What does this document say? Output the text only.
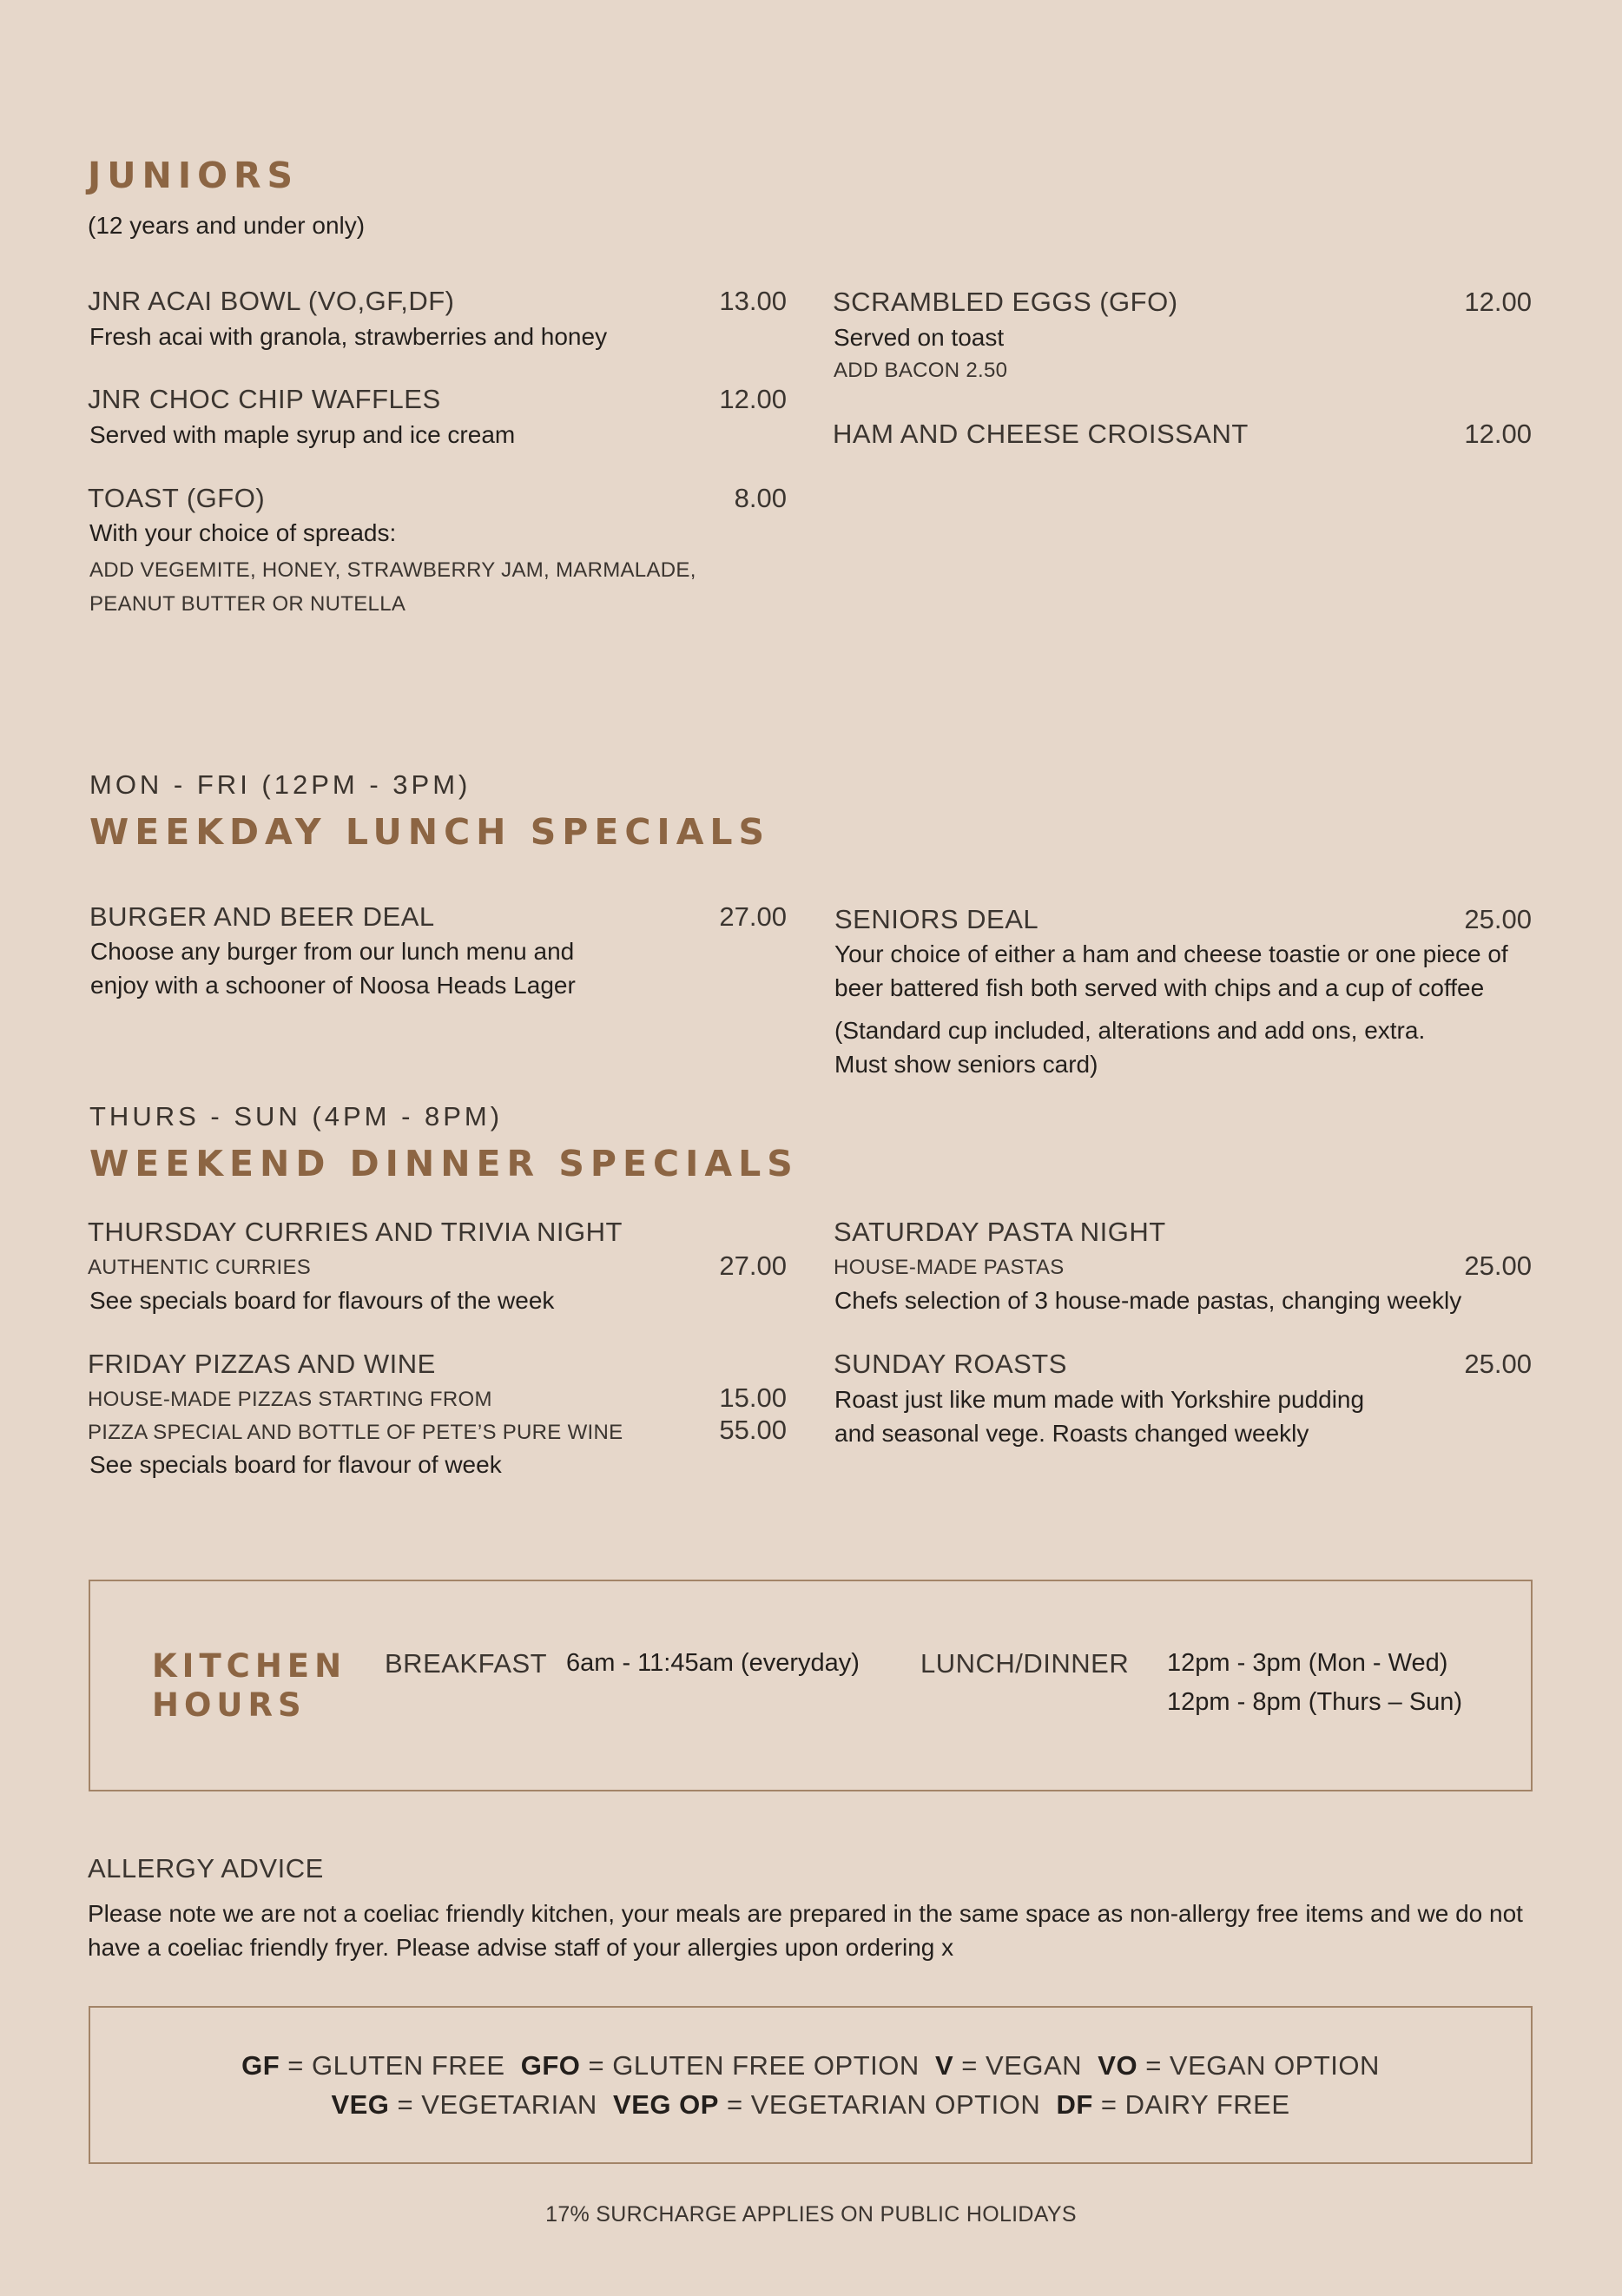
JUNIORS
(12 years and under only)
JNR ACAI BOWL (VO,GF,DF)	13.00
Fresh acai with granola, strawberries and honey
JNR CHOC CHIP WAFFLES	12.00
Served with maple syrup and ice cream
TOAST (GFO)	8.00
With your choice of spreads:
ADD VEGEMITE, HONEY, STRAWBERRY JAM, MARMALADE,
PEANUT BUTTER OR NUTELLA
SCRAMBLED EGGS (GFO)	12.00
Served on toast
ADD BACON 2.50
HAM AND CHEESE CROISSANT	12.00
MON - FRI (12PM - 3PM)
WEEKDAY LUNCH SPECIALS
BURGER AND BEER DEAL	27.00
Choose any burger from our lunch menu and
enjoy with a schooner of Noosa Heads Lager
SENIORS DEAL	25.00
Your choice of either a ham and cheese toastie or one piece of
beer battered fish both served with chips and a cup of coffee
(Standard cup included, alterations and add ons, extra.
Must show seniors card)
THURS - SUN (4PM - 8PM)
WEEKEND DINNER SPECIALS
THURSDAY CURRIES AND TRIVIA NIGHT
AUTHENTIC CURRIES	27.00
See specials board for flavours of the week
FRIDAY PIZZAS AND WINE
HOUSE-MADE PIZZAS STARTING FROM	15.00
PIZZA SPECIAL AND BOTTLE OF PETE’S PURE WINE	55.00
See specials board for flavour of week
SATURDAY PASTA NIGHT
HOUSE-MADE PASTAS	25.00
Chefs selection of 3 house-made pastas, changing weekly
SUNDAY ROASTS	25.00
Roast just like mum made with Yorkshire pudding
and seasonal vege. Roasts changed weekly
KITCHEN
HOURS
BREAKFAST 6am - 11:45am (everyday) LUNCH/DINNER 12pm - 3pm (Mon - Wed)
12pm - 8pm (Thurs – Sun)
ALLERGY ADVICE
Please note we are not a coeliac friendly kitchen, your meals are prepared in the same space as non-allergy free items and we do not
have a coeliac friendly fryer. Please advise staff of your allergies upon ordering x
GF = GLUTEN FREE GFO = GLUTEN FREE OPTION V = VEGAN VO = VEGAN OPTION
VEG = VEGETARIAN VEG OP = VEGETARIAN OPTION DF = DAIRY FREE
17% SURCHARGE APPLIES ON PUBLIC HOLIDAYS
